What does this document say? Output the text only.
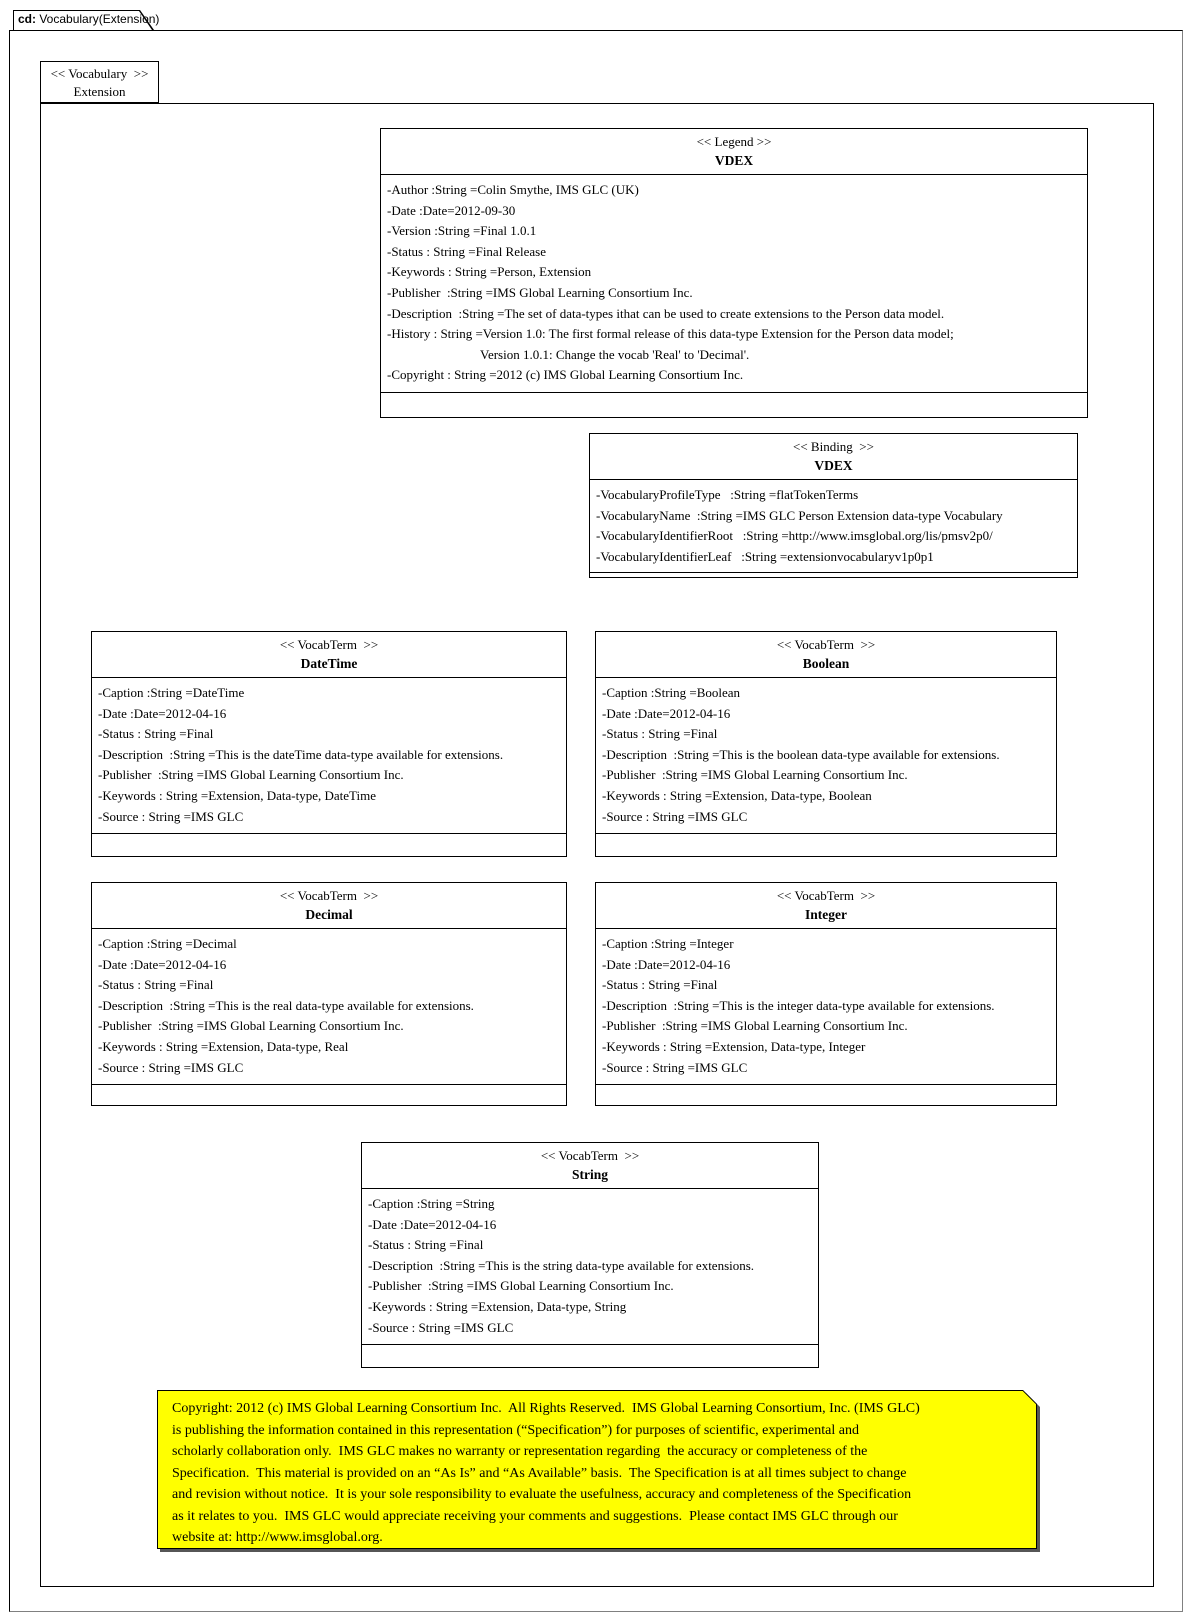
cd: Vocabulary(Extension)
<< Vocabulary  >>
Extension
<< Legend >>
VDEX
-Author :String =Colin Smythe, IMS GLC (UK)
-Date :Date=2012-09-30
-Version :String =Final 1.0.1
-Status : String =Final Release
-Keywords : String =Person, Extension
-Publisher  :String =IMS Global Learning Consortium Inc.
-Description  :String =The set of data-types ithat can be used to create extensions to the Person data model.
-History : String =Version 1.0: The first formal release of this data-type Extension for the Person data model;
Version 1.0.1: Change the vocab 'Real' to 'Decimal'.
-Copyright : String =2012 (c) IMS Global Learning Consortium Inc.
<< Binding  >>
VDEX
-VocabularyProfileType   :String =flatTokenTerms
-VocabularyName  :String =IMS GLC Person Extension data-type Vocabulary
-VocabularyIdentifierRoot   :String =http://www.imsglobal.org/lis/pmsv2p0/
-VocabularyIdentifierLeaf   :String =extensionvocabularyv1p0p1
<< VocabTerm  >>
DateTime
-Caption :String =DateTime
-Date :Date=2012-04-16
-Status : String =Final
-Description  :String =This is the dateTime data-type available for extensions.
-Publisher  :String =IMS Global Learning Consortium Inc.
-Keywords : String =Extension, Data-type, DateTime
-Source : String =IMS GLC
<< VocabTerm  >>
Boolean
-Caption :String =Boolean
-Date :Date=2012-04-16
-Status : String =Final
-Description  :String =This is the boolean data-type available for extensions.
-Publisher  :String =IMS Global Learning Consortium Inc.
-Keywords : String =Extension, Data-type, Boolean
-Source : String =IMS GLC
<< VocabTerm  >>
Decimal
-Caption :String =Decimal
-Date :Date=2012-04-16
-Status : String =Final
-Description  :String =This is the real data-type available for extensions.
-Publisher  :String =IMS Global Learning Consortium Inc.
-Keywords : String =Extension, Data-type, Real
-Source : String =IMS GLC
<< VocabTerm  >>
Integer
-Caption :String =Integer
-Date :Date=2012-04-16
-Status : String =Final
-Description  :String =This is the integer data-type available for extensions.
-Publisher  :String =IMS Global Learning Consortium Inc.
-Keywords : String =Extension, Data-type, Integer
-Source : String =IMS GLC
<< VocabTerm  >>
String
-Caption :String =String
-Date :Date=2012-04-16
-Status : String =Final
-Description  :String =This is the string data-type available for extensions.
-Publisher  :String =IMS Global Learning Consortium Inc.
-Keywords : String =Extension, Data-type, String
-Source : String =IMS GLC
Copyright: 2012 (c) IMS Global Learning Consortium Inc.  All Rights Reserved.  IMS Global Learning Consortium, Inc. (IMS GLC)
is publishing the information contained in this representation (“Specification”) for purposes of scientific, experimental and
scholarly collaboration only.  IMS GLC makes no warranty or representation regarding  the accuracy or completeness of the
Specification.  This material is provided on an “As Is” and “As Available” basis.  The Specification is at all times subject to change
and revision without notice.  It is your sole responsibility to evaluate the usefulness, accuracy and completeness of the Specification
as it relates to you.  IMS GLC would appreciate receiving your comments and suggestions.  Please contact IMS GLC through our
website at: http://www.imsglobal.org.
